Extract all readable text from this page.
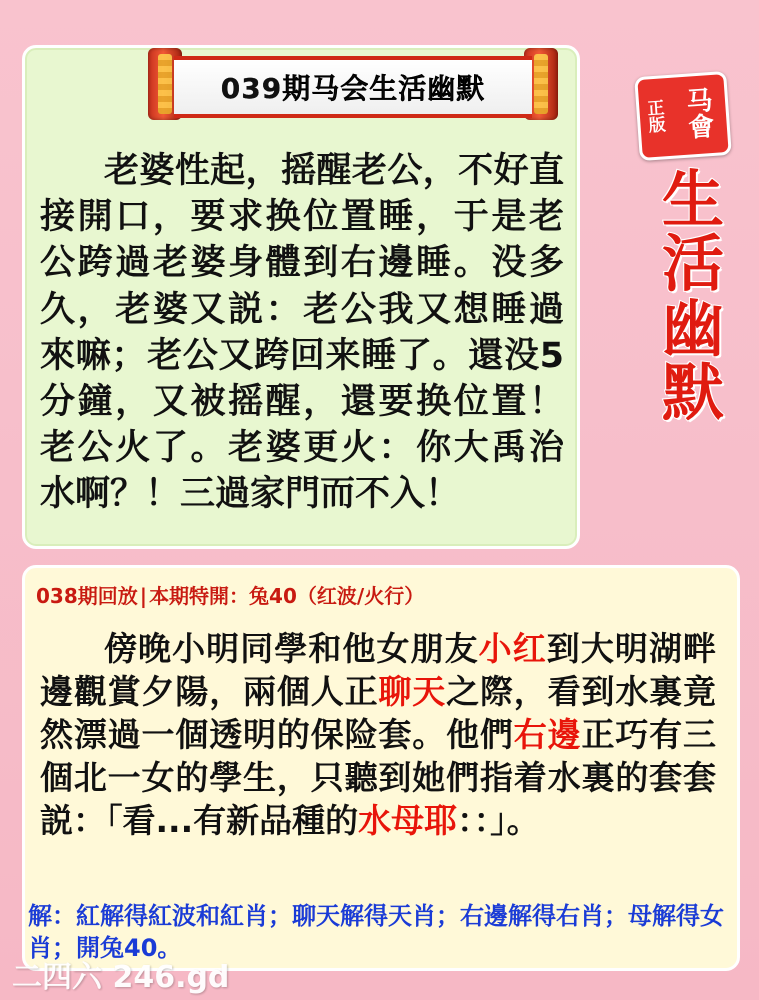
039期马会生活幽默
老婆性起，摇醒老公，不好直接開口，要求换位置睡，于是老公跨過老婆身體到右邊睡。没多久，老婆又説：老公我又想睡過來嘛；老公又跨回来睡了。還没5分鐘，又被摇醒，還要换位置！老公火了。老婆更火：你大禹治水啊？！三過家門而不入！
正版
马會
生
活
幽
默
038期回放 | 本期特開：兔40（红波/火行）
傍晚小明同學和他女朋友小红到大明湖畔邊觀賞夕陽，兩個人正聊天之際，看到水裏竟然漂過一個透明的保险套。他們右邊正巧有三個北一女的學生，只聽到她們指着水裏的套套説：「看...有新品種的水母耶：：」。
解：紅解得紅波和紅肖；聊天解得天肖；右邊解得右肖；母解得女肖；開兔40。
二四六 246.gd
